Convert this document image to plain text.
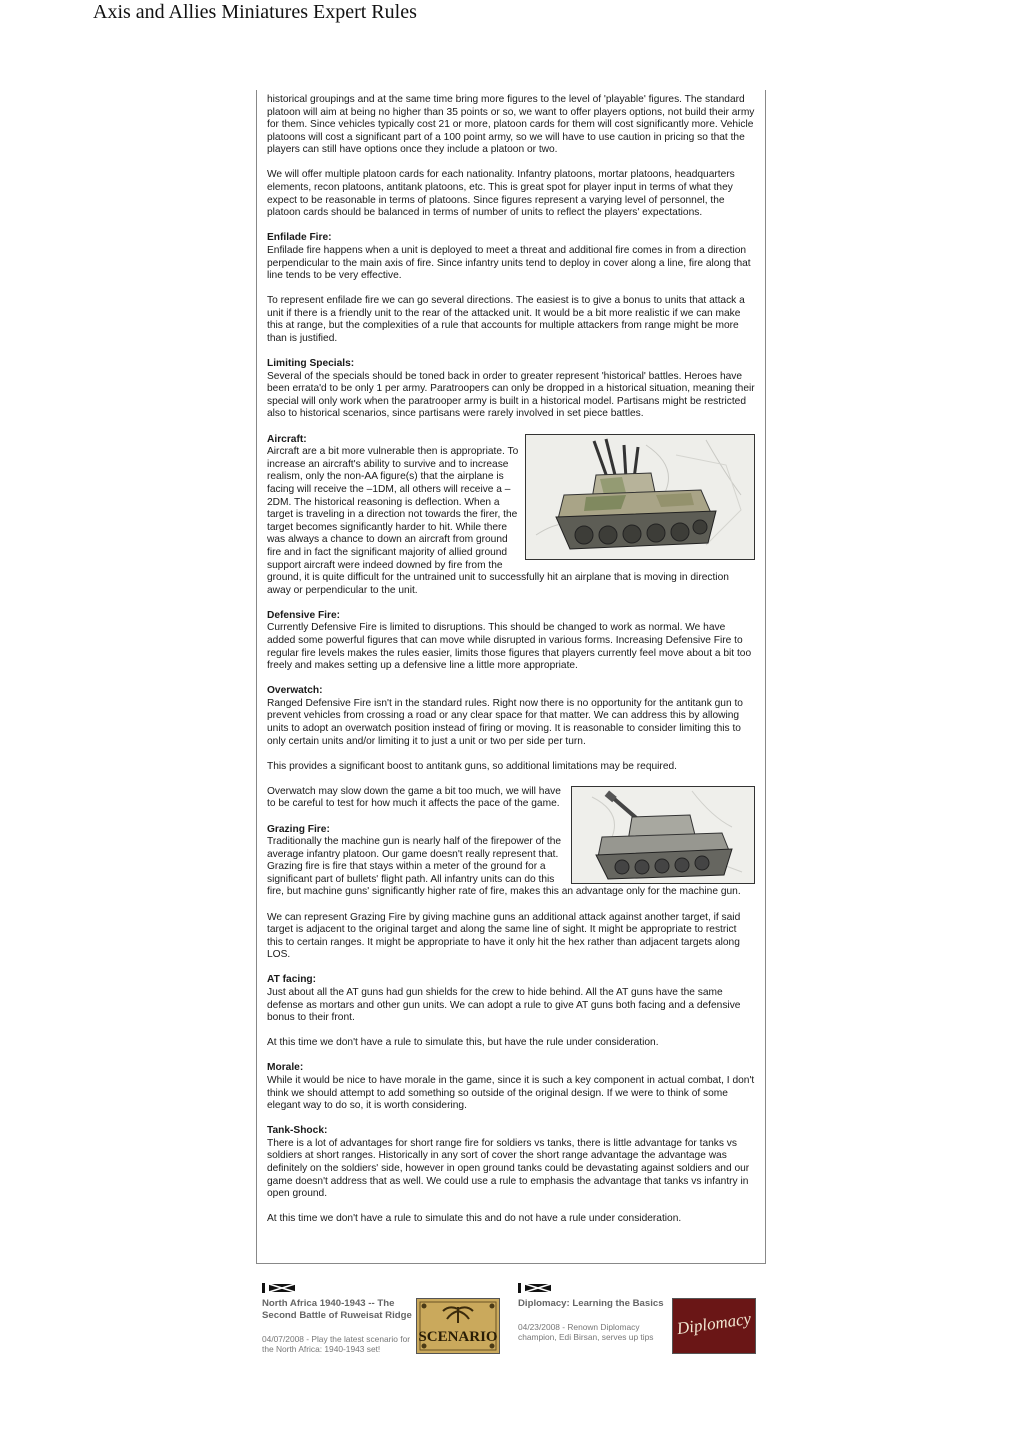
Axis and Allies Miniatures Expert Rules

historical groupings and at the same time bring more figures to the level of 'playable' figures. The standard platoon will aim at being no higher than 35 points or so, we want to offer players options, not build their army for them. Since vehicles typically cost 21 or more, platoon cards for them will cost significantly more. Vehicle platoons will cost a significant part of a 100 point army, so we will have to use caution in pricing so that the players can still have options once they include a platoon or two.

We will offer multiple platoon cards for each nationality. Infantry platoons, mortar platoons, headquarters elements, recon platoons, antitank platoons, etc. This is great spot for player input in terms of what they expect to be reasonable in terms of platoons. Since figures represent a varying level of personnel, the platoon cards should be balanced in terms of number of units to reflect the players' expectations.

Enfilade Fire:

Enfilade fire happens when a unit is deployed to meet a threat and additional fire comes in from a direction perpendicular to the main axis of fire. Since infantry units tend to deploy in cover along a line, fire along that line tends to be very effective.

To represent enfilade fire we can go several directions. The easiest is to give a bonus to units that attack a unit if there is a friendly unit to the rear of the attacked unit. It would be a bit more realistic if we can make this at range, but the complexities of a rule that accounts for multiple attackers from range might be more than is justified.

Limiting Specials:

Several of the specials should be toned back in order to greater represent 'historical' battles. Heroes have been errata'd to be only 1 per army. Paratroopers can only be dropped in a historical situation, meaning their special will only work when the paratrooper army is built in a historical model. Partisans might be restricted also to historical scenarios, since partisans were rarely involved in set piece battles.

Aircraft:

Aircraft are a bit more vulnerable then is appropriate. To increase an aircraft's ability to survive and to increase realism, only the non-AA figure(s) that the airplane is facing will receive the –1DM, all others will receive a –2DM. The historical reasoning is deflection. When a target is traveling in a direction not towards the firer, the target becomes significantly harder to hit. While there was always a chance to down an aircraft from ground fire and in fact the significant majority of allied ground support aircraft were indeed downed by fire from the ground, it is quite difficult for the untrained unit to successfully hit an airplane that is moving in direction away or perpendicular to the unit.

Defensive Fire:

Currently Defensive Fire is limited to disruptions. This should be changed to work as normal. We have added some powerful figures that can move while disrupted in various forms. Increasing Defensive Fire to regular fire levels makes the rules easier, limits those figures that players currently feel move about a bit too freely and makes setting up a defensive line a little more appropriate.

Overwatch:

Ranged Defensive Fire isn't in the standard rules. Right now there is no opportunity for the antitank gun to prevent vehicles from crossing a road or any clear space for that matter. We can address this by allowing units to adopt an overwatch position instead of firing or moving. It is reasonable to consider limiting this to only certain units and/or limiting it to just a unit or two per side per turn.

This provides a significant boost to antitank guns, so additional limitations may be required.

Overwatch may slow down the game a bit too much, we will have to be careful to test for how much it affects the pace of the game.

Grazing Fire:

Traditionally the machine gun is nearly half of the firepower of the average infantry platoon. Our game doesn't really represent that. Grazing fire is fire that stays within a meter of the ground for a significant part of bullets' flight path. All infantry units can do this fire, but machine guns' significantly higher rate of fire, makes this an advantage only for the machine gun.

We can represent Grazing Fire by giving machine guns an additional attack against another target, if said target is adjacent to the original target and along the same line of sight. It might be appropriate to restrict this to certain ranges. It might be appropriate to have it only hit the hex rather than adjacent targets along LOS.

AT facing:

Just about all the AT guns had gun shields for the crew to hide behind. All the AT guns have the same defense as mortars and other gun units. We can adopt a rule to give AT guns both facing and a defensive bonus to their front.

At this time we don't have a rule to simulate this, but have the rule under consideration.

Morale:

While it would be nice to have morale in the game, since it is such a key component in actual combat, I don't think we should attempt to add something so outside of the original design. If we were to think of some elegant way to do so, it is worth considering.

Tank-Shock:

There is a lot of advantages for short range fire for soldiers vs tanks, there is little advantage for tanks vs soldiers at short ranges. Historically in any sort of cover the short range advantage the advantage was definitely on the soldiers' side, however in open ground tanks could be devastating against soldiers and our game doesn't address that as well. We could use a rule to emphasis the advantage that tanks vs infantry in open ground.

At this time we don't have a rule to simulate this and do not have a rule under consideration.

North Africa 1940-1943 -- The Second Battle of Ruweisat Ridge

04/07/2008 - Play the latest scenario for the North Africa: 1940-1943 set!

SCENARIO

Diplomacy: Learning the Basics

04/23/2008 - Renown Diplomacy champion, Edi Birsan, serves up tips	Diplomacy
